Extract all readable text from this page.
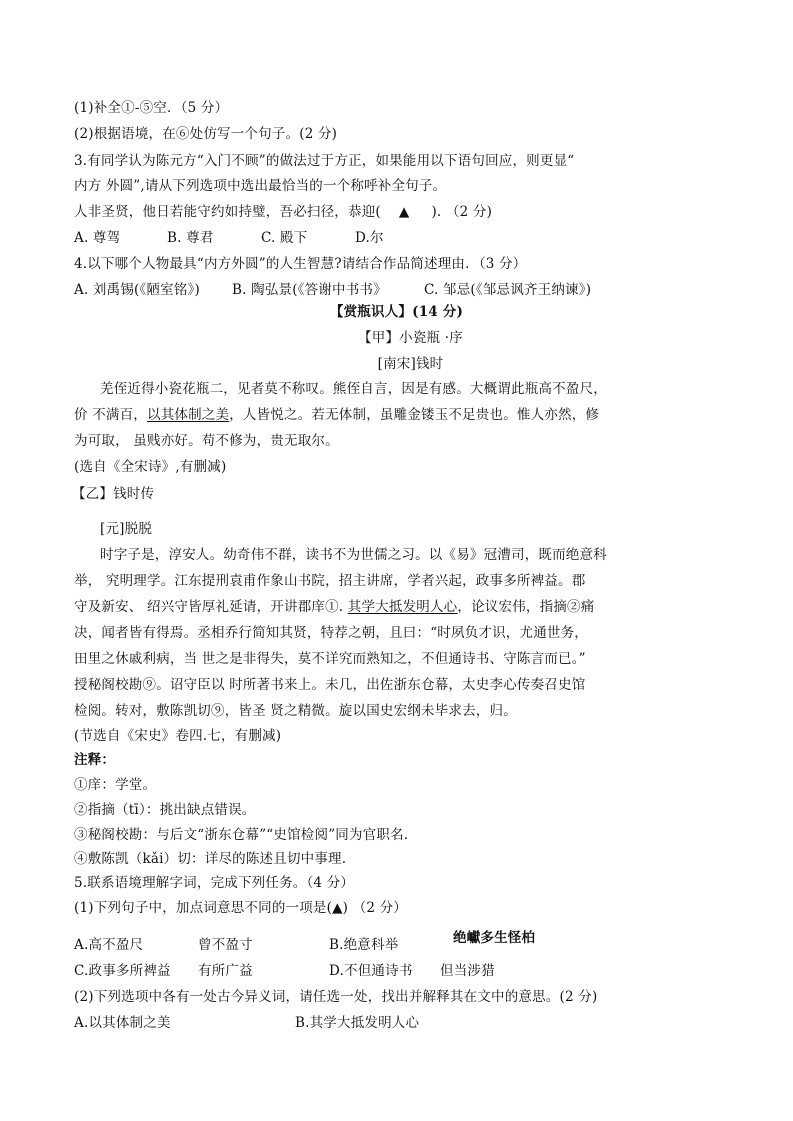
(1)补全①-⑤空．（5 分）
(2)根据语境，在⑥处仿写一个句子。(2 分)
3.有同学认为陈元方“入门不顾”的做法过于方正，如果能用以下语句回应，则更显“
内方 外圆”,请从下列选项中选出最恰当的一个称呼补全句子。
人非圣贤，他日若能守约如持璧，吾必扫径，恭迎( ▲ ). （2 分)
A. 尊驾	B. 尊君	C. 殿下	D.尔
4.以下哪个人物最具“内方外圆”的人生智慧?请结合作品简述理由．（3 分）
A. 刘禹锡(《陋室铭》) B. 陶弘景(《答谢中书书》	C. 邹忌(《邹忌讽齐王纳谏》)
【赏瓶识人】(14 分)
【甲】小瓷瓶 ·序
[南宋]钱时
羌侄近得小瓷花瓶二，见者莫不称叹。熊侄自言，因是有感。大概谓此瓶高不盈尺，
价 不满百，以其体制之美，人皆悦之。若无体制，虽雕金镂玉不足贵也。惟人亦然，修
为可取， 虽贱亦好。苟不修为，贵无取尔。
(选自《全宋诗》,有删减)
【乙】钱时传
[元]脱脱
时字子是，淳安人。幼奇伟不群，读书不为世儒之习。以《易》冠漕司，既而绝意科
举， 究明理学。江东提刑袁甫作象山书院，招主讲席，学者兴起，政事多所裨益。郡
守及新安、 绍兴守皆厚礼延请，开讲郡庠①. 其学大抵发明人心，论议宏伟，指摘②痛
决，闻者皆有得焉。丞相乔行简知其贤，特荐之朝，且曰：“时夙负才识，尤通世务，
田里之休戚利病，当 世之是非得失，莫不详究而熟知之，不但通诗书、守陈言而已。”
授秘阁校勘⑨。诏守臣以 时所著书来上。未几，出佐浙东仓幕，太史李心传奏召史馆
检阅。转对，敷陈凯切⑨，皆圣 贤之精微。旋以国史宏纲未毕求去，归。
(节选自《宋史》卷四.七，有删减)
注释：
①庠：学堂。
②指摘（tī）：挑出缺点错误。
③秘阁校勘：与后文“浙东仓幕”“史馆检阅”同为官职名.
④敷陈凯（kǎi）切：详尽的陈述且切中事理.
5.联系语境理解字词，完成下列任务。（4 分）
(1)下列句子中，加点词意思不同的一项是(▲) （2 分）
A.高不盈尺	曾不盈寸	B.绝意科举	绝巘多生怪柏
C.政事多所裨益 有所广益	D.不但通诗书 但当涉猎
(2)下列选项中各有一处古今异义词，请任选一处，找出并解释其在文中的意思。(2 分)
A.以其体制之美	B.其学大抵发明人心
